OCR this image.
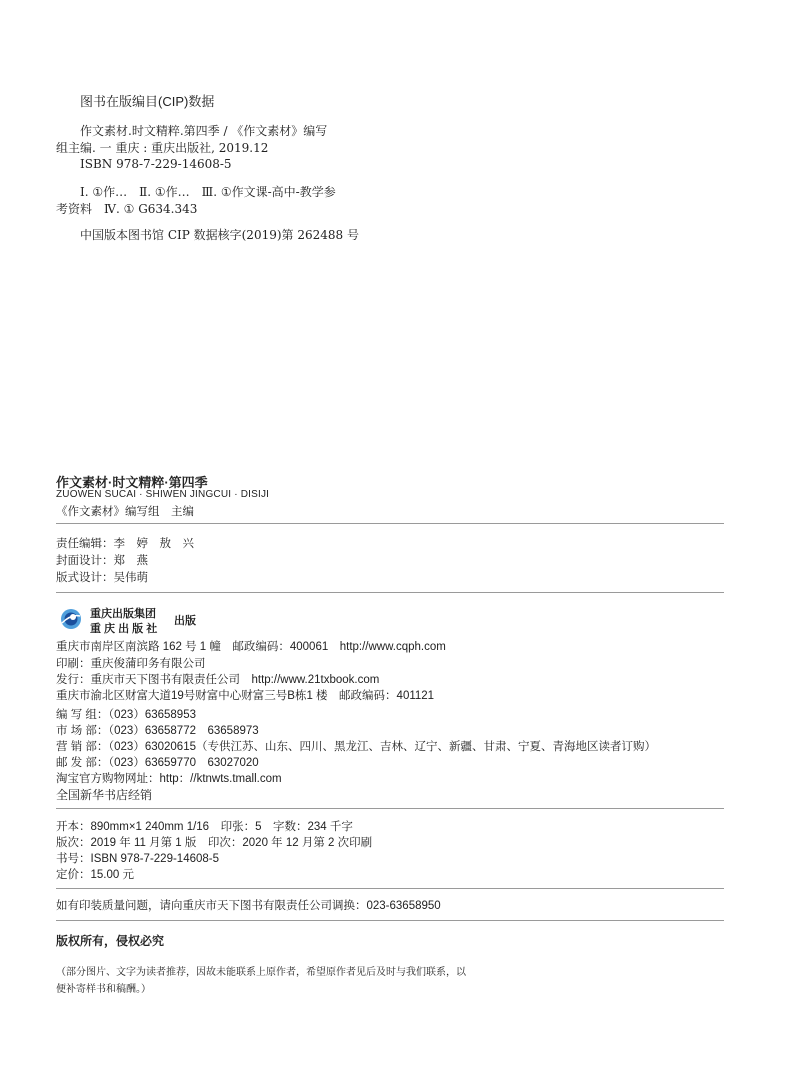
图书在版编目(CIP)数据
作文素材.时文精粹.第四季 / 《作文素材》编写
组主编. 一 重庆 : 重庆出版社, 2019.12
ISBN 978-7-229-14608-5
Ⅰ. ①作…　Ⅱ. ①作…　Ⅲ. ①作文课-高中-教学参
考资料　Ⅳ. ① G634.343
中国版本图书馆 CIP 数据核字(2019)第 262488 号
作文素材·时文精粹·第四季
ZUOWEN SUCAI · SHIWEN JINGCUI · DISIJI
《作文素材》编写组　主编
责任编辑：李　婷　敖　兴
封面设计：郑　燕
版式设计：吴伟萌
重庆出版集团
重 庆 出 版 社
出版
重庆市南岸区南滨路 162 号 1 幢　邮政编码：400061　http://www.cqph.com
印刷：重庆俊蒲印务有限公司
发行：重庆市天下图书有限责任公司　http://www.21txbook.com
重庆市渝北区财富大道19号财富中心财富三号B栋1 楼　邮政编码：401121
编 写 组：（023）63658953
市 场 部：（023）63658772　63658973
营 销 部：（023）63020615（专供江苏、山东、四川、黑龙江、吉林、辽宁、新疆、甘肃、宁夏、青海地区读者订购）
邮 发 部：（023）63659770　63027020
淘宝官方购物网址：http：//ktnwts.tmall.com
全国新华书店经销
开本：890mm×1 240mm 1/16　印张：5　字数：234 千字
版次：2019 年 11 月第 1 版　印次：2020 年 12 月第 2 次印刷
书号：ISBN 978-7-229-14608-5
定价：15.00 元
如有印装质量问题，请向重庆市天下图书有限责任公司调换：023-63658950
版权所有，侵权必究
（部分图片、文字为读者推荐，因故未能联系上原作者，希望原作者见后及时与我们联系，以
便补寄样书和稿酬。）
